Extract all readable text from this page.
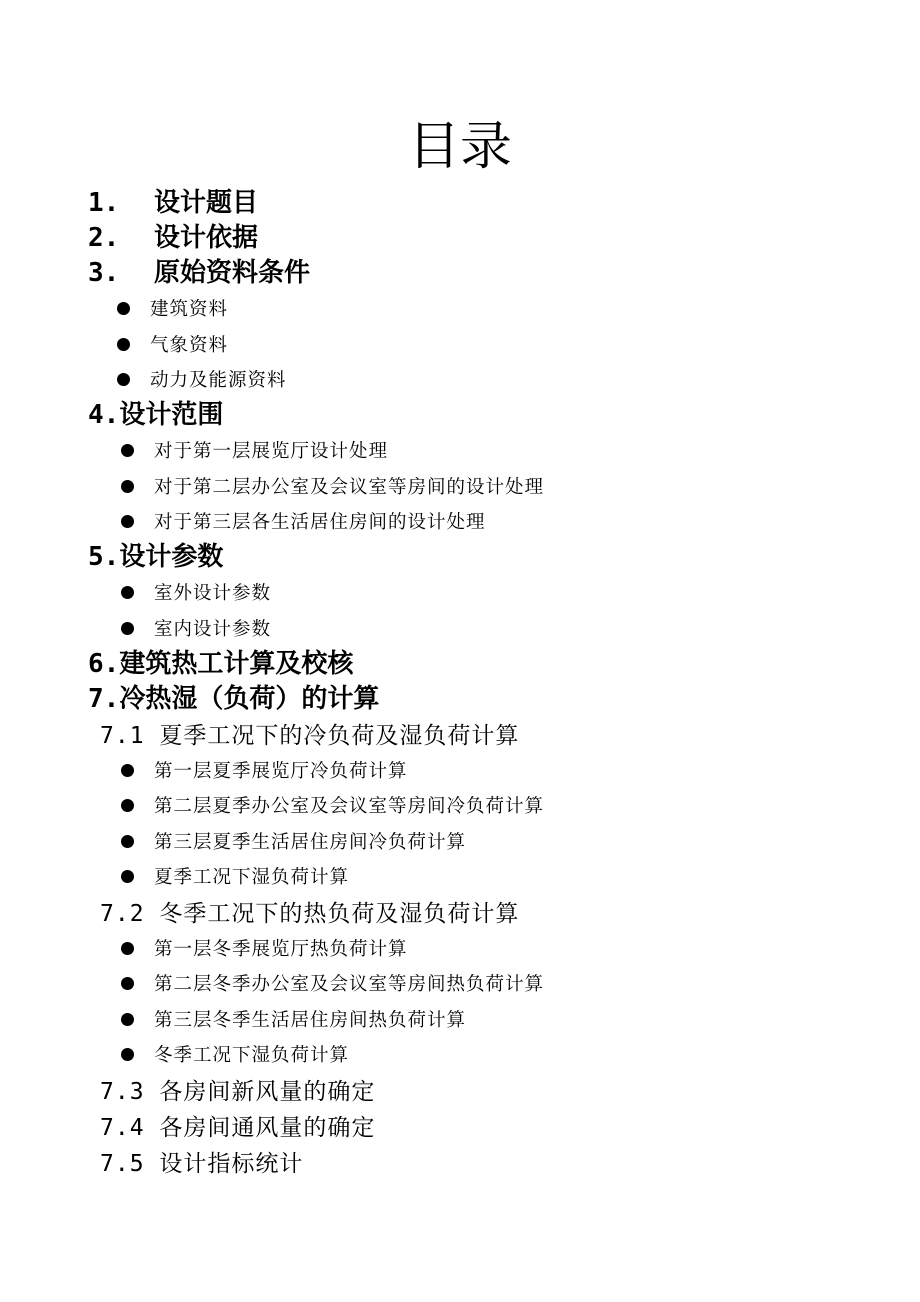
目录
1. 设计题目
2. 设计依据
3. 原始资料条件
建筑资料
气象资料
动力及能源资料
4.设计范围
对于第一层展览厅设计处理
对于第二层办公室及会议室等房间的设计处理
对于第三层各生活居住房间的设计处理
5.设计参数
室外设计参数
室内设计参数
6.建筑热工计算及校核
7.冷热湿（负荷）的计算
7.1 夏季工况下的冷负荷及湿负荷计算
第一层夏季展览厅冷负荷计算
第二层夏季办公室及会议室等房间冷负荷计算
第三层夏季生活居住房间冷负荷计算
夏季工况下湿负荷计算
7.2 冬季工况下的热负荷及湿负荷计算
第一层冬季展览厅热负荷计算
第二层冬季办公室及会议室等房间热负荷计算
第三层冬季生活居住房间热负荷计算
冬季工况下湿负荷计算
7.3 各房间新风量的确定
7.4 各房间通风量的确定
7.5 设计指标统计
